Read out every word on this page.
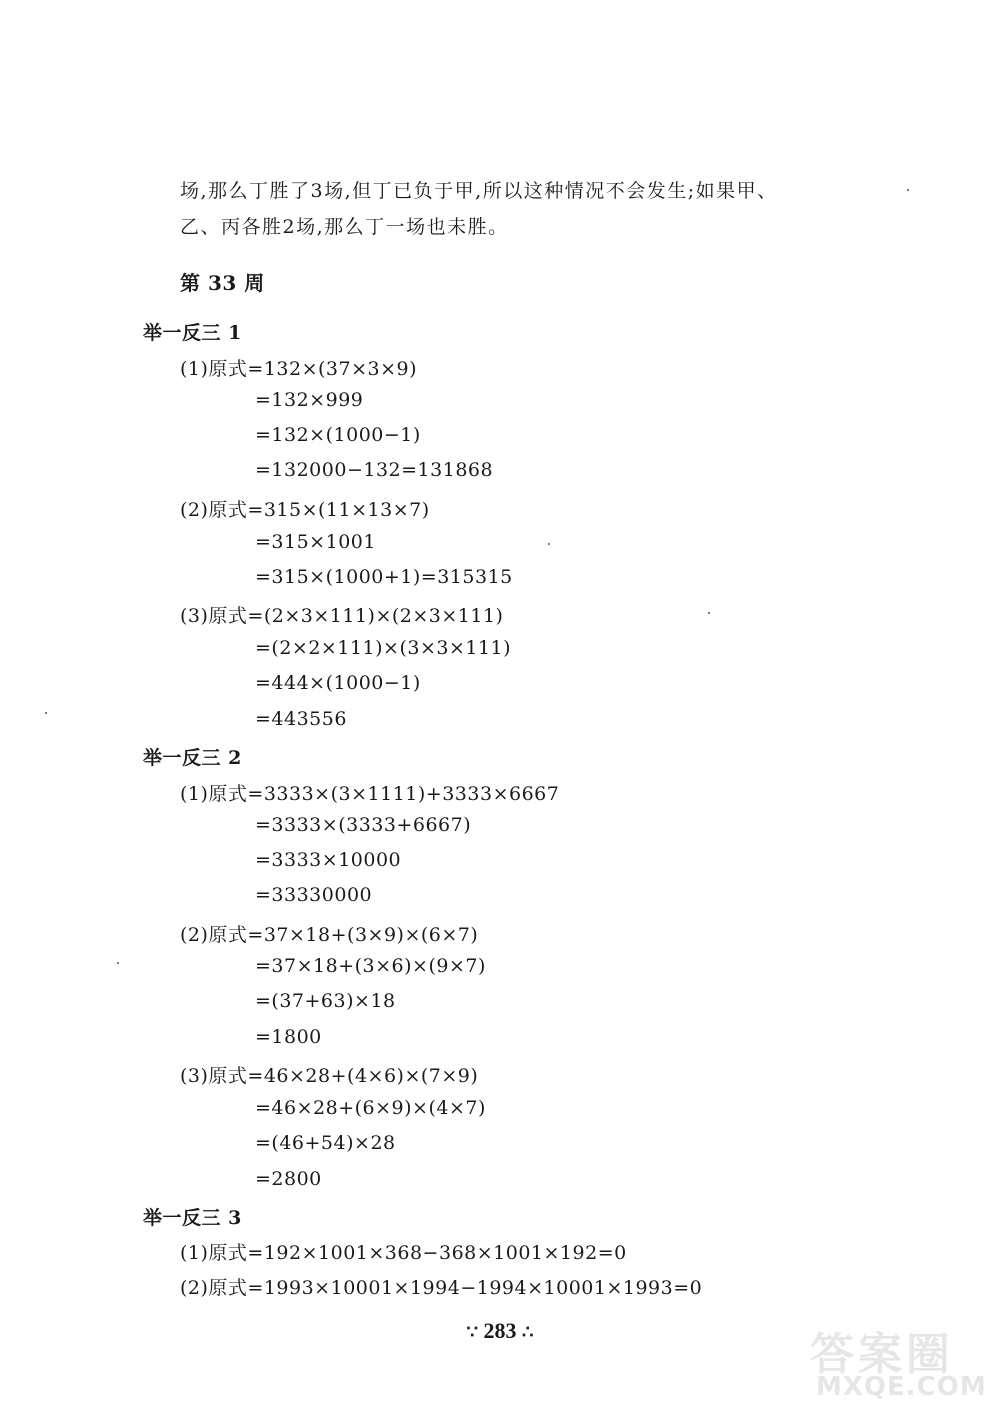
场,那么丁胜了3场,但丁已负于甲,所以这种情况不会发生;如果甲、
乙、丙各胜2场,那么丁一场也未胜。
第 33 周
举一反三 1
(1)原式=132×(37×3×9)
=132×999
=132×(1000−1)
=132000−132=131868
(2)原式=315×(11×13×7)
=315×1001
=315×(1000+1)=315315
(3)原式=(2×3×111)×(2×3×111)
=(2×2×111)×(3×3×111)
=444×(1000−1)
=443556
举一反三 2
(1)原式=3333×(3×1111)+3333×6667
=3333×(3333+6667)
=3333×10000
=33330000
(2)原式=37×18+(3×9)×(6×7)
=37×18+(3×6)×(9×7)
=(37+63)×18
=1800
(3)原式=46×28+(4×6)×(7×9)
=46×28+(6×9)×(4×7)
=(46+54)×28
=2800
举一反三 3
(1)原式=192×1001×368−368×1001×192=0
(2)原式=1993×10001×1994−1994×10001×1993=0
∵ 283 ∴	答案圈
MXQE.COM
